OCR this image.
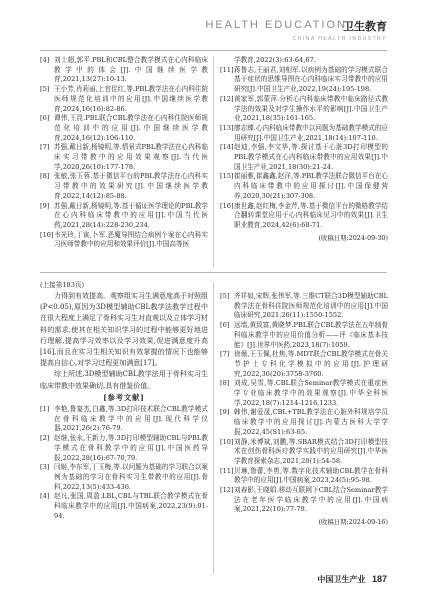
HEALTH EDUCATION
卫生教育
CHINA HEALTH INDUSTRY
[4] 刘士超,郭平.PBL和CBL整合教学模式在心内科临床教学中的体会[J].中国继续医学教育,2021,13(27):10-13.
[5] 王小芳,肖莉丽,上官佳红,等.PBL教学法在心内科住院医师规范化培训中的应用[J].中国继续医学教育,2024,16(16):82-86.
[6] 谭伟,王昆.PBL联合CBL教学法在心内科住院医师规范化培训中的应用[J].中国继续医学教育,2024,16(12):106-110.
[7] 苏强,戴日新,杨镜明,等.情景式PBL教学法在心内科临床实习带教中的应用效果观察[J].当代医学,2020,26(10):177-178.
[8] 张敏,张玉蓉.基于微信平台的PBL教学法在心内科实习带教中的效果研究[J].中国继续医学教育,2022,14(12):85-88.
[9] 苏强,戴日新,杨镜明,等.基于循证医学理论的PBL教学在心内科临床带教中的应用[J].中国当代医药,2021,28(14):228-230,234.
[10] 韦光玲,丁寅,卜军.恶魔导图结合病例个案在心内科实习医师带教中的应用和效果评价[J].中国高等医
学教育,2022(3):63-64,67.
[11] 蒋鲁志,王丽君,刘相军.以病例为基础的学习模式联合基于症状的思维导图在心内科临床实习带教中的应用研究[J].中国卫生产业,2022,19(24):195-198.
[12] 黄家军,郭蒙萍.分析心内科临床带教中临床路径式教学法的效果及对学生操作水平的影响[J].中国卫生产业,2021,18(35):161-165.
[13] 廖志臻.心内科临床带教中以问题为基础教学模式的应用研究[J].中国卫生产业,2021,18(14):107-110.
[14] 赵迪,李强,李文华,等.探讨基于心脏3D打印模型的PBL教学模式在心内科临床带教中的应用效果[J].中国卫生产业,2021,18(30):21-24.
[15] 崔丽雅,崔鑫鑫,赵洋,等.PBL教学法联合微信平台在心内科临床带教中的应用探讨[J].中国保健营养,2020,30(21):307-308.
[16] 康世鑫,赵红梅,李金芹,等.基于微信平台的微格教学结合翻转课堂应用于心内科临床见习中的效果[J].卫生职业教育,2024,42(6):68-71.
(收稿日期:2024-09-30)
(上接第183页)

力得到有效提高。观察组实习生满意度高于对照组(P<0.05),原因为3D模型辅助CBL教学法教学过程中在很大程度上满足了骨科实习生对直观以及立体学习材料的需求,使其在相关知识学习的过程中能够更好地进行理解,提高学习效率以及学习效果,促进满意度升高[16],而且在实习生相关知识有效掌握的情况下也能够提高自信心,对学习过程更加满意[17]。

综上所述,3D模型辅助CBL教学法用于骨科实习生临床带教中效果确切,具有借鉴价值。

[参考文献]
[1] 李艳,鲁宴杰,白鑫,等.3D打印技术联合CBL教学模式在骨科临床教学中的应用[J].现代科学仪器,2021,26(2):76-79.
[2] 赵继,张永,王新力,等.3D打印模型辅助CBL与PBL教学模式在骨科教学中的应用[J].中国医药导报,2022,28(16):67-70,79.
[3] 闫姬,李东军,丁玉梅,等.以问题为基础的学习联合以案例为基础的学习在骨科实习生带教中的应用[J].骨科,2022,13(5):433-436.
[4] 赵凡,张国,周盈.LBL,CBL与TBL联合教学模式在骨科临床教学中的应用[J].中国病案,2022,23(9):91-94.
[5] 齐祥如,宋辉,张伟军,等.三维CT联合3D模型辅助CBL教学法在骨科住院医师规范化培训中的应用[J].中国临床研究,2021,26(11):1550-1552.
[6] 远墙,黄致富,黄晓梦.PBL联合CBL教学法在五年制骨科临床教学中的应用价值分析——评《临床基本技能》[J].世界中医药,2023,18(7):1059.
[7] 徐薇,王玉佩,杜焦,等.MDT联合CBL教学模式在骨关节护士专科化学模拟中的应用[J].护理研究,2022,36(20):3758-3760.
[8] 刘成,吴雪,等.CBL联合Seminar教学模式在重症医学专业临床教学中的效果观察[J].中华全科医学,2022,18(7):1214-1216,1233.
[9] 韩伟,谢爱晟,CBL+TBL教学法在心脏外科规培学员临床教学中的应用探讨[J].内蒙古医科大学学报,2022,45(S1):63-65.
[10] 刘静,米博斌,刘鹏,等.SBAR模式结合3D打印模型技术在创伤骨科医疗教学实践中的应用研究[J].中华医学教育探索杂志,2021,20(1):54-58.
[11] 贝琳,鲁蕾,李勇,等.数字化技术辅助CBL教学在骨科教学中的应用[J].中国病案,2023,24(5):95-98.
[12] 刘春影,王晓娟.移动互联网下CBL结合Seminar教学法在老年医学临床教学中的应用[J].中国病案,2021,22(10):77-79.
(收稿日期:2024-09-16)
中国卫生产业 187
